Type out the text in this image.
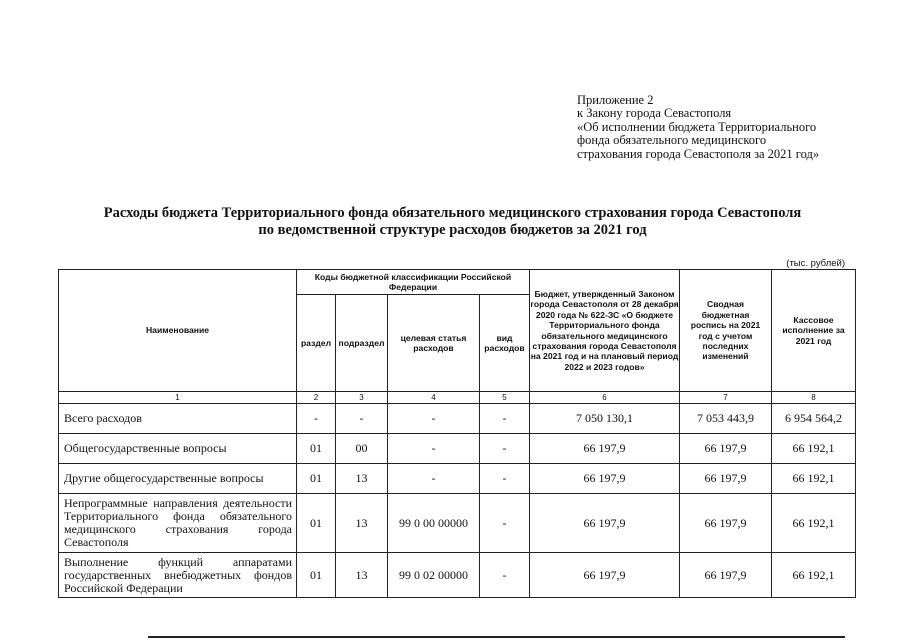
Приложение 2
к Закону города Севастополя
«Об исполнении бюджета Территориального
фонда обязательного медицинского
страхования города Севастополя за 2021 год»
Расходы бюджета Территориального фонда обязательного медицинского страхования города Севастополя
по ведомственной структуре расходов бюджетов за 2021 год
(тыс. рублей)
Наименование	Коды бюджетной классификации Российской Федерации				Бюджет, утвержденный Законом города Севастополя от 28 декабря 2020 года № 622-ЗС «О бюджете Территориального фонда обязательного медицинского страхования города Севастополя на 2021 год и на плановый период 2022 и 2023 годов»	Сводная бюджетная роспись на 2021 год с учетом последних изменений	Кассовое исполнение за 2021 год
	раздел	подраздел	целевая статья расходов	вид расходов			
1	2	3	4	5	6	7	8
Всего расходов	-	-	-	-	7 050 130,1	7 053 443,9	6 954 564,2
Общегосударственные вопросы	01	00	-	-	66 197,9	66 197,9	66 192,1
Другие общегосударственные вопросы	01	13	-	-	66 197,9	66 197,9	66 192,1
Непрограммные направления деятельности Территориального фонда обязательного медицинского страхования города Севастополя	01	13	99 0 00 00000	-	66 197,9	66 197,9	66 192,1
Выполнение функций аппаратами государственных внебюджетных фондов Российской Федерации	01	13	99 0 02 00000	-	66 197,9	66 197,9	66 192,1
